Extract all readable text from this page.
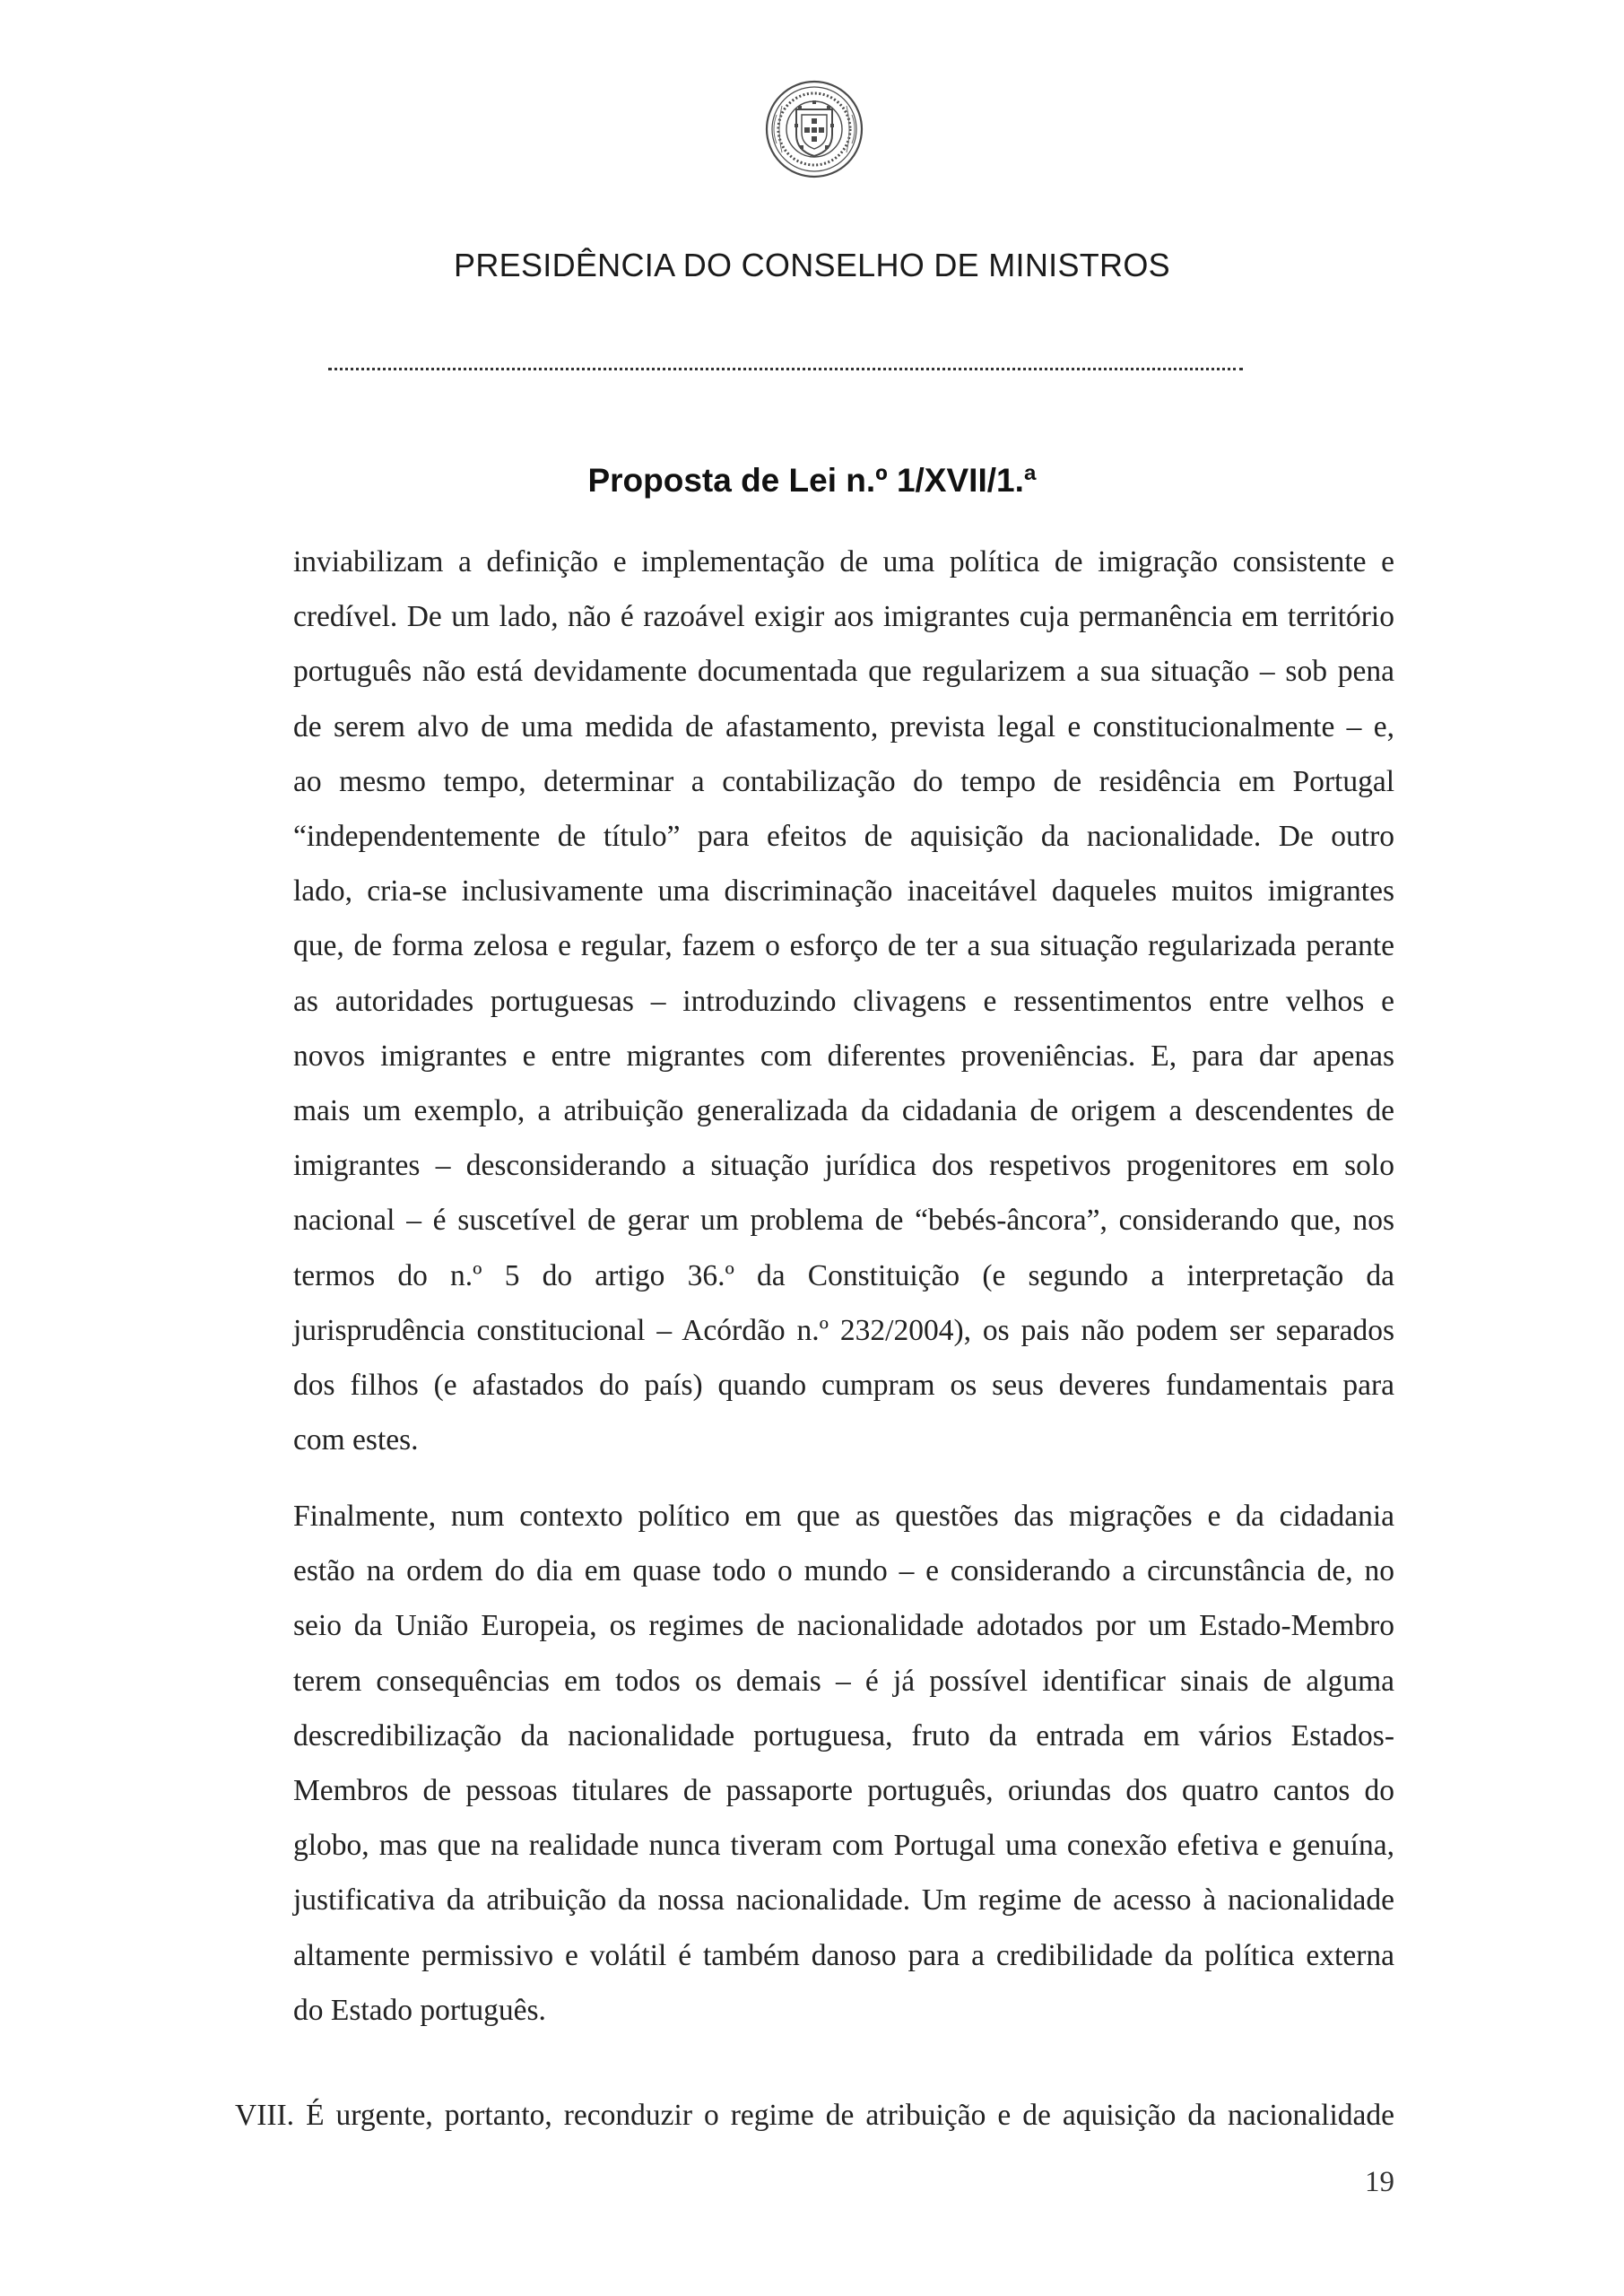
PRESIDÊNCIA DO CONSELHO DE MINISTROS
Proposta de Lei n.º 1/XVII/1.ª
inviabilizam a definição e implementação de uma política de imigração consistente e
credível. De um lado, não é razoável exigir aos imigrantes cuja permanência em território
português não está devidamente documentada que regularizem a sua situação – sob pena
de serem alvo de uma medida de afastamento, prevista legal e constitucionalmente – e,
ao mesmo tempo, determinar a contabilização do tempo de residência em Portugal
“independentemente de título” para efeitos de aquisição da nacionalidade. De outro
lado, cria-se inclusivamente uma discriminação inaceitável daqueles muitos imigrantes
que, de forma zelosa e regular, fazem o esforço de ter a sua situação regularizada perante
as autoridades portuguesas – introduzindo clivagens e ressentimentos entre velhos e
novos imigrantes e entre migrantes com diferentes proveniências. E, para dar apenas
mais um exemplo, a atribuição generalizada da cidadania de origem a descendentes de
imigrantes – desconsiderando a situação jurídica dos respetivos progenitores em solo
nacional – é suscetível de gerar um problema de “bebés-âncora”, considerando que, nos
termos do n.º 5 do artigo 36.º da Constituição (e segundo a interpretação da
jurisprudência constitucional – Acórdão n.º 232/2004), os pais não podem ser separados
dos filhos (e afastados do país) quando cumpram os seus deveres fundamentais para
com estes.
Finalmente, num contexto político em que as questões das migrações e da cidadania
estão na ordem do dia em quase todo o mundo – e considerando a circunstância de, no
seio da União Europeia, os regimes de nacionalidade adotados por um Estado-Membro
terem consequências em todos os demais – é já possível identificar sinais de alguma
descredibilização da nacionalidade portuguesa, fruto da entrada em vários Estados-
Membros de pessoas titulares de passaporte português, oriundas dos quatro cantos do
globo, mas que na realidade nunca tiveram com Portugal uma conexão efetiva e genuína,
justificativa da atribuição da nossa nacionalidade. Um regime de acesso à nacionalidade
altamente permissivo e volátil é também danoso para a credibilidade da política externa
do Estado português.
VIII. É urgente, portanto, reconduzir o regime de atribuição e de aquisição da nacionalidade
19
